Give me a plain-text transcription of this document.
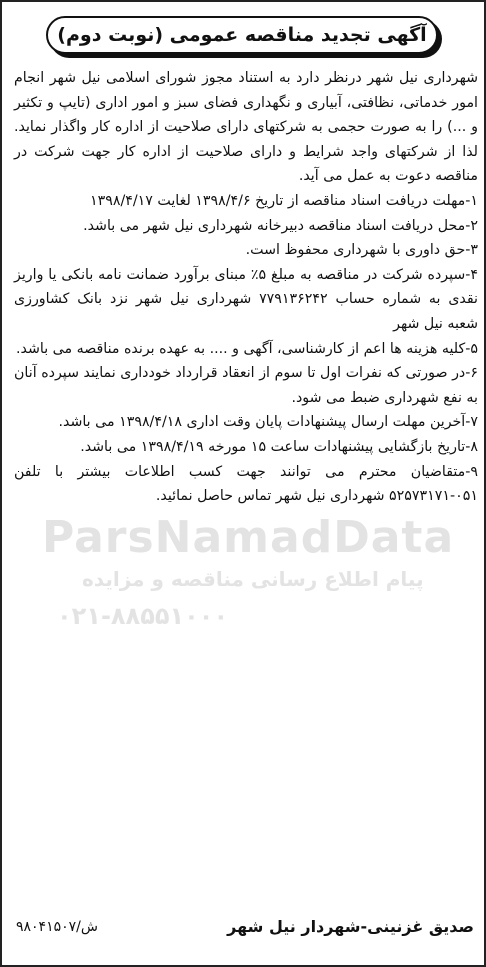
ParsNamadData
پیام اطلاع رسانی مناقصه و مزایده
۰۲۱-۸۸۵۵۱۰۰۰
آگهی تجدید مناقصه عمومی (نوبت دوم)

شهرداری نیل شهر درنظر دارد به استناد مجوز شورای اسلامی نیل شهر انجام امور خدماتی، نظافتی، آبیاری و نگهداری فضای سبز و امور اداری (تایپ و تکثیر و ...) را به صورت حجمی به شرکتهای دارای صلاحیت از اداره کار واگذار نماید. لذا از شرکتهای واجد شرایط و دارای صلاحیت از اداره کار جهت شرکت در مناقصه دعوت به عمل می آید.

۱-مهلت دریافت اسناد مناقصه از تاریخ ۱۳۹۸/۴/۶ لغایت ۱۳۹۸/۴/۱۷

۲-محل دریافت اسناد مناقصه دبیرخانه شهرداری نیل شهر می باشد.

۳-حق داوری با شهرداری محفوظ است.

۴-سپرده شرکت در مناقصه به مبلغ ۵٪ مبنای برآورد ضمانت نامه بانکی یا واریز نقدی به شماره حساب ۷۷۹۱۳۶۲۴۲ شهرداری نیل شهر نزد بانک کشاورزی شعبه نیل شهر

۵-کلیه هزینه ها اعم از کارشناسی، آگهی و .... به عهده برنده مناقصه می باشد.

۶-در صورتی که نفرات اول تا سوم از انعقاد قرارداد خودداری نمایند سپرده آنان به نفع شهرداری ضبط می شود.

۷-آخرین مهلت ارسال پیشنهادات پایان وقت اداری ۱۳۹۸/۴/۱۸ می باشد.

۸-تاریخ بازگشایی پیشنهادات ساعت ۱۵ مورخه ۱۳۹۸/۴/۱۹ می باشد.

۹-متقاضیان محترم می توانند جهت کسب اطلاعات بیشتر با تلفن ۰۵۱-۵۲۵۷۳۱۷۱ شهرداری نیل شهر تماس حاصل نمائید.

صدیق غزنینی-شهردار نیل شهر
۹۸۰۴۱۵۰۷/ش
